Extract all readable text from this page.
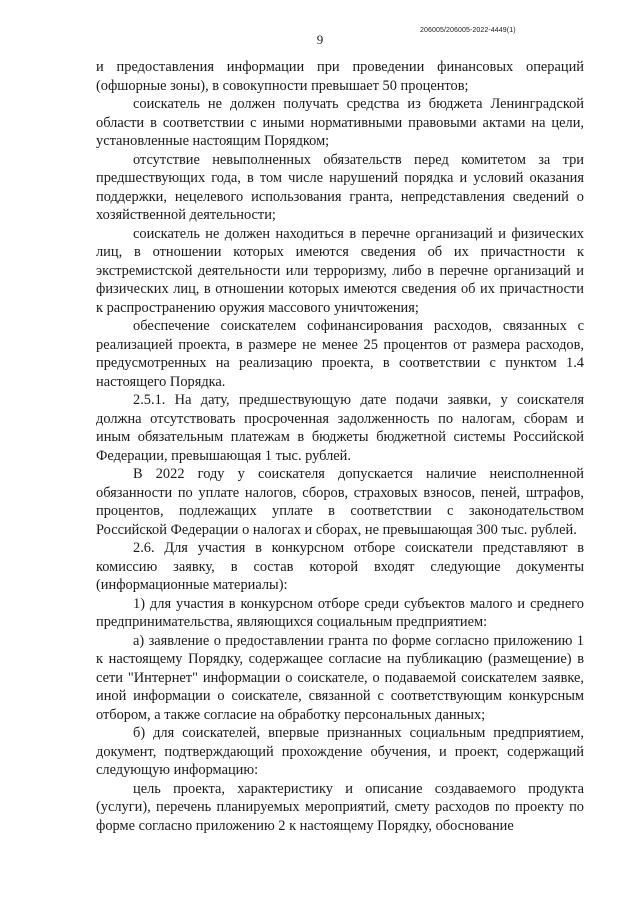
9
206005/206005-2022-4449(1)

и предоставления информации при проведении финансовых операций (офшорные зоны), в совокупности превышает 50 процентов;

соискатель не должен получать средства из бюджета Ленинградской области в соответствии с иными нормативными правовыми актами на цели, установленные настоящим Порядком;

отсутствие невыполненных обязательств перед комитетом за три предшествующих года, в том числе нарушений порядка и условий оказания поддержки, нецелевого использования гранта, непредставления сведений о хозяйственной деятельности;

соискатель не должен находиться в перечне организаций и физических лиц, в отношении которых имеются сведения об их причастности к экстремистской деятельности или терроризму, либо в перечне организаций и физических лиц, в отношении которых имеются сведения об их причастности к распространению оружия массового уничтожения;

обеспечение соискателем софинансирования расходов, связанных с реализацией проекта, в размере не менее 25 процентов от размера расходов, предусмотренных на реализацию проекта, в соответствии с пунктом 1.4 настоящего Порядка.

2.5.1. На дату, предшествующую дате подачи заявки, у соискателя должна отсутствовать просроченная задолженность по налогам, сборам и иным обязательным платежам в бюджеты бюджетной системы Российской Федерации, превышающая 1 тыс. рублей.

В 2022 году у соискателя допускается наличие неисполненной обязанности по уплате налогов, сборов, страховых взносов, пеней, штрафов, процентов, подлежащих уплате в соответствии с законодательством Российской Федерации о налогах и сборах, не превышающая 300 тыс. рублей.

2.6. Для участия в конкурсном отборе соискатели представляют в комиссию заявку, в состав которой входят следующие документы (информационные материалы):

1) для участия в конкурсном отборе среди субъектов малого и среднего предпринимательства, являющихся социальным предприятием:

а) заявление о предоставлении гранта по форме согласно приложению 1 к настоящему Порядку, содержащее согласие на публикацию (размещение) в сети "Интернет" информации о соискателе, о подаваемой соискателем заявке, иной информации о соискателе, связанной с соответствующим конкурсным отбором, а также согласие на обработку персональных данных;

б) для соискателей, впервые признанных социальным предприятием, документ, подтверждающий прохождение обучения, и проект, содержащий следующую информацию:

цель проекта, характеристику и описание создаваемого продукта (услуги), перечень планируемых мероприятий, смету расходов по проекту по форме согласно приложению 2 к настоящему Порядку, обоснование
